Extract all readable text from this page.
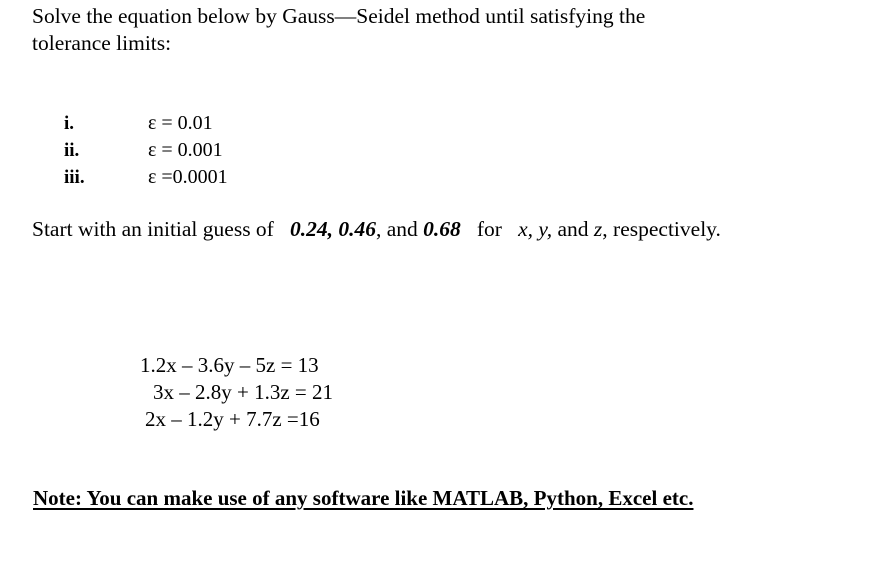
Solve the equation below by Gauss—Seidel method until satisfying the
tolerance limits:
i.	ε = 0.01
ii.	ε = 0.001
iii.	ε =0.0001
Start with an initial guess of 0.24, 0.46, and 0.68 for x, y, and z, respectively.
1.2x – 3.6y – 5z = 13
3x – 2.8y + 1.3z = 21
2x – 1.2y + 7.7z =16
Note: You can make use of any software like MATLAB, Python, Excel etc.
